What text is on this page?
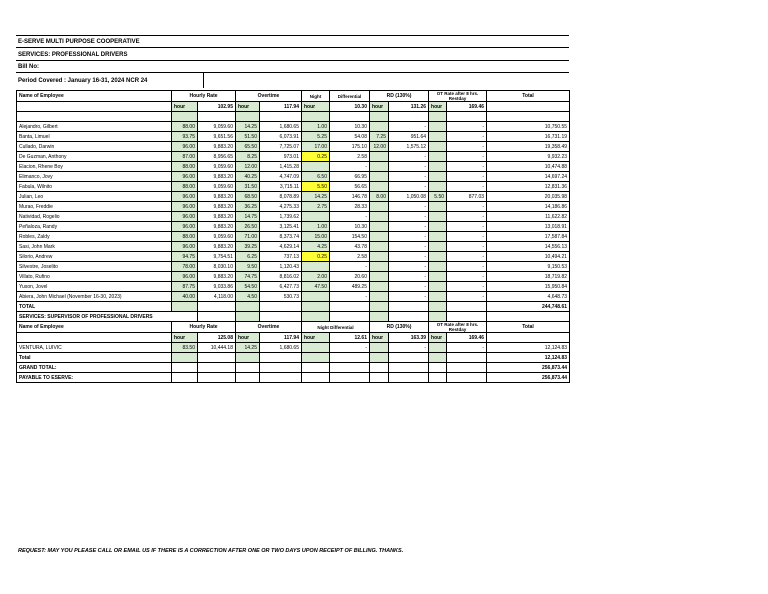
E-SERVE MULTI PURPOSE COOPERATIVE
SERVICES: PROFESSIONAL DRIVERS
Bill No:
Period Covered : January 16-31, 2024 NCR 24
Name of Employee	Hourly Rate		Overtime		Night	Differential	RD (130%)		OT Rate after 8 hrs. Restday		Total
	hour	102.95	hour	117.94	hour	10.30	hour	131.26	hour	169.46	

Alejandro, Gilbert	88.00	9,059.60	14.25	1,680.65	1.00	10.30		-		-	10,750.55
Banta, Limuel	93.75	9,651.56	51.50	6,073.91	5.25	54.08	7.25	951.64		-	16,731.19
Cullado, Darwin	96.00	9,883.20	65.50	7,725.07	17.00	175.10	12.00	1,575.12		-	19,358.49
De Guzman, Anthony	87.00	8,956.65	8.25	973.01	0.25	2.58		-		-	9,932.23
Elacion, Rhene Boy	88.00	9,059.60	12.00	1,415.28		-		-		-	10,474.88
Elimanco, Jovy	96.00	9,883.20	40.25	4,747.09	6.50	66.95		-		-	14,697.24
Fabula, Wilnito	88.00	9,059.60	31.50	3,715.11	5.50	56.65		-		-	12,831.36
Julian, Leo	96.00	9,883.20	68.50	8,078.89	14.25	146.78	8.00	1,050.08	5.50	877.03	20,035.98
Murao, Freddie	96.00	9,883.20	36.25	4,275.33	2.75	28.33		-		-	14,186.86
Natividad, Rogelio	96.00	9,883.20	14.75	1,739.62		-		-		-	11,622.82
Peñaloza, Randy	96.00	9,883.20	26.50	3,125.41	1.00	10.30		-		-	13,018.91
Robles, Zaldy	88.00	9,059.60	71.00	8,373.74	15.00	154.50		-		-	17,587.84
Sasi, John Mark	96.00	9,883.20	39.25	4,629.14	4.25	43.78		-		-	14,556.13
Silorio, Andrew	94.75	9,754.51	6.25	737.13	0.25	2.58		-		-	10,494.21
Silvestre, Joselito	78.00	8,030.10	9.50	1,120.43		-		-		-	9,150.53
Villato, Rufino	96.00	9,883.20	74.75	8,816.02	2.00	20.60		-		-	18,719.82
Yuson, Jovel	87.75	9,033.86	54.50	6,427.73	47.50	489.25		-		-	15,950.84
Abiera, John Michael (November 16-30, 2023)	40.00	4,118.00	4.50	530.73		-		-		-	4,648.73
TOTAL											244,748.61
SERVICES: SUPERVISOR OF PROFESSIONAL DRIVERS											
Name of Employee	Hourly Rate		Overtime		Night Differential		RD (130%)		OT Rate after 8 hrs. Restday		Total
	hour	125.08	hour	117.94	hour	12.61	hour	163.39	hour	169.46	
VENTURA, LUIVIC	83.50	10,444.18	14.25	1,680.65		-		-		-	12,124.83
Total											12,124.83
GRAND TOTAL:											256,873.44
PAYABLE TO ESERVE:											256,873.44
REQUEST: MAY YOU PLEASE CALL OR EMAIL US IF THERE IS A CORRECTION AFTER ONE OR TWO DAYS UPON RECEIPT OF BILLING. THANKS.
